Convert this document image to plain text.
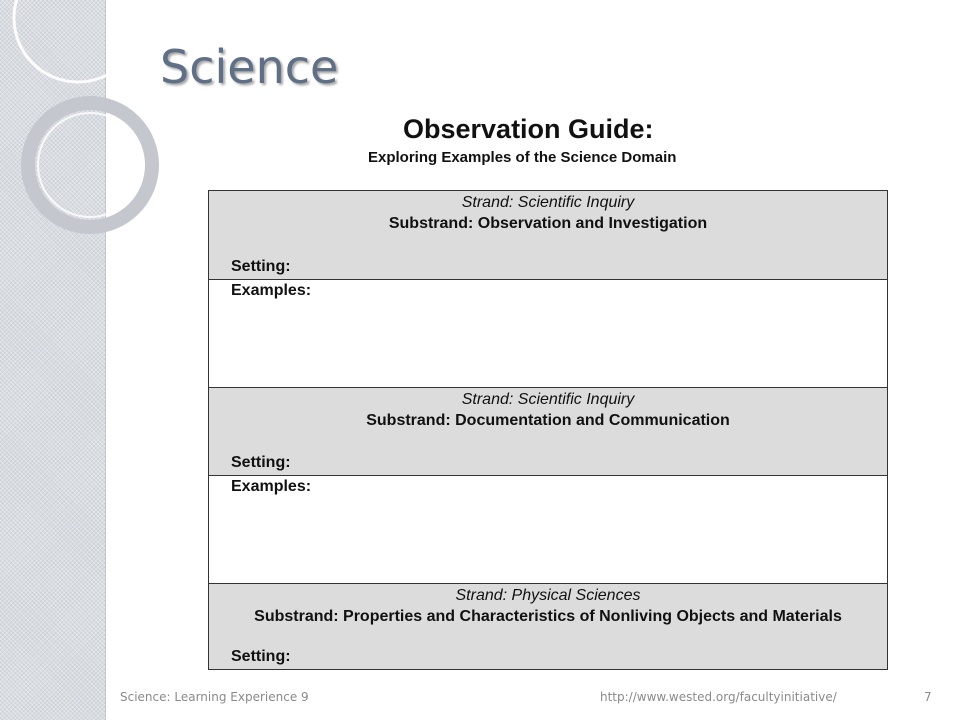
Science
Observation Guide:
Exploring Examples of the Science Domain
Strand: Scientific Inquiry
Substrand: Observation and Investigation
Setting:
Examples:
Strand: Scientific Inquiry
Substrand: Documentation and Communication
Setting:
Examples:
Strand: Physical Sciences
Substrand: Properties and Characteristics of Nonliving Objects and Materials
Setting:
Science: Learning Experience 9	http://www.wested.org/facultyinitiative/	7
